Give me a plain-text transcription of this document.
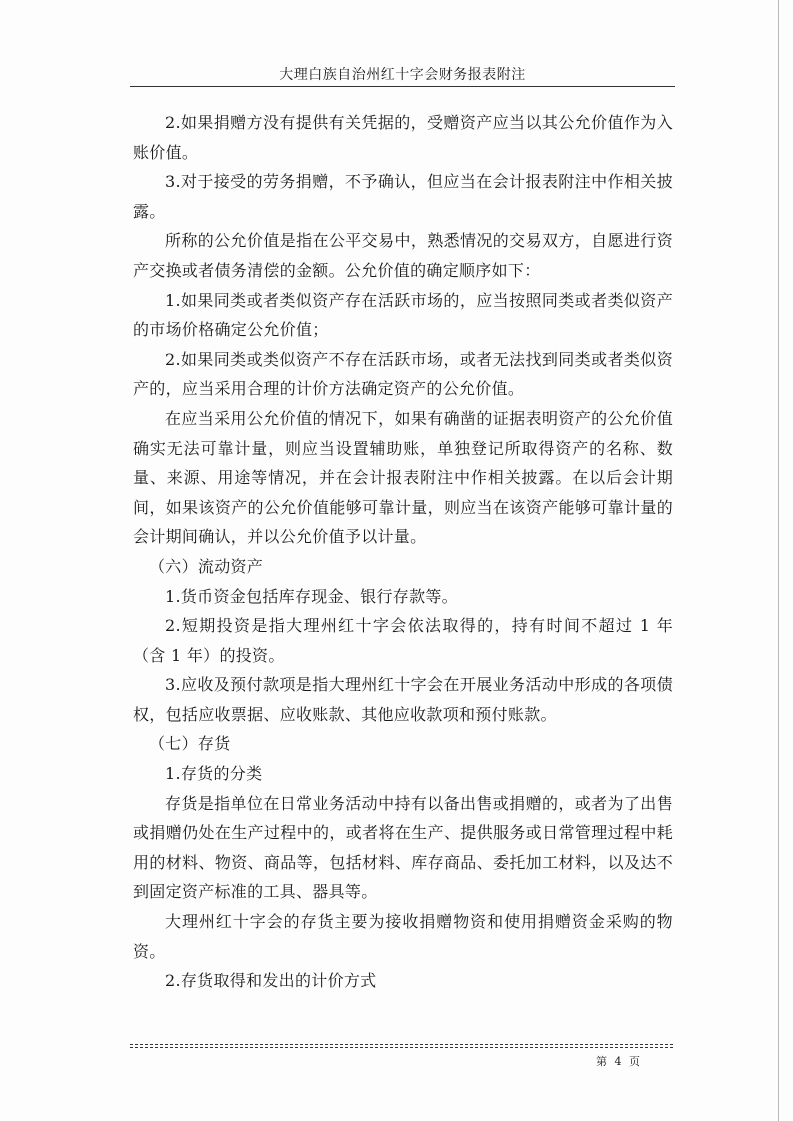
大理白族自治州红十字会财务报表附注

2.如果捐赠方没有提供有关凭据的，受赠资产应当以其公允价值作为入账价值。

3.对于接受的劳务捐赠，不予确认，但应当在会计报表附注中作相关披露。

所称的公允价值是指在公平交易中，熟悉情况的交易双方，自愿进行资产交换或者债务清偿的金额。公允价值的确定顺序如下：

1.如果同类或者类似资产存在活跃市场的，应当按照同类或者类似资产的市场价格确定公允价值；

2.如果同类或类似资产不存在活跃市场，或者无法找到同类或者类似资产的，应当采用合理的计价方法确定资产的公允价值。

在应当采用公允价值的情况下，如果有确凿的证据表明资产的公允价值确实无法可靠计量，则应当设置辅助账，单独登记所取得资产的名称、数量、来源、用途等情况，并在会计报表附注中作相关披露。在以后会计期间，如果该资产的公允价值能够可靠计量，则应当在该资产能够可靠计量的会计期间确认，并以公允价值予以计量。

（六）流动资产

1.货币资金包括库存现金、银行存款等。

2.短期投资是指大理州红十字会依法取得的，持有时间不超过 1 年（含 1 年）的投资。

3.应收及预付款项是指大理州红十字会在开展业务活动中形成的各项债权，包括应收票据、应收账款、其他应收款项和预付账款。

（七）存货

1.存货的分类

存货是指单位在日常业务活动中持有以备出售或捐赠的，或者为了出售或捐赠仍处在生产过程中的，或者将在生产、提供服务或日常管理过程中耗用的材料、物资、商品等，包括材料、库存商品、委托加工材料，以及达不到固定资产标准的工具、器具等。

大理州红十字会的存货主要为接收捐赠物资和使用捐赠资金采购的物资。

2.存货取得和发出的计价方式

第 4 页
